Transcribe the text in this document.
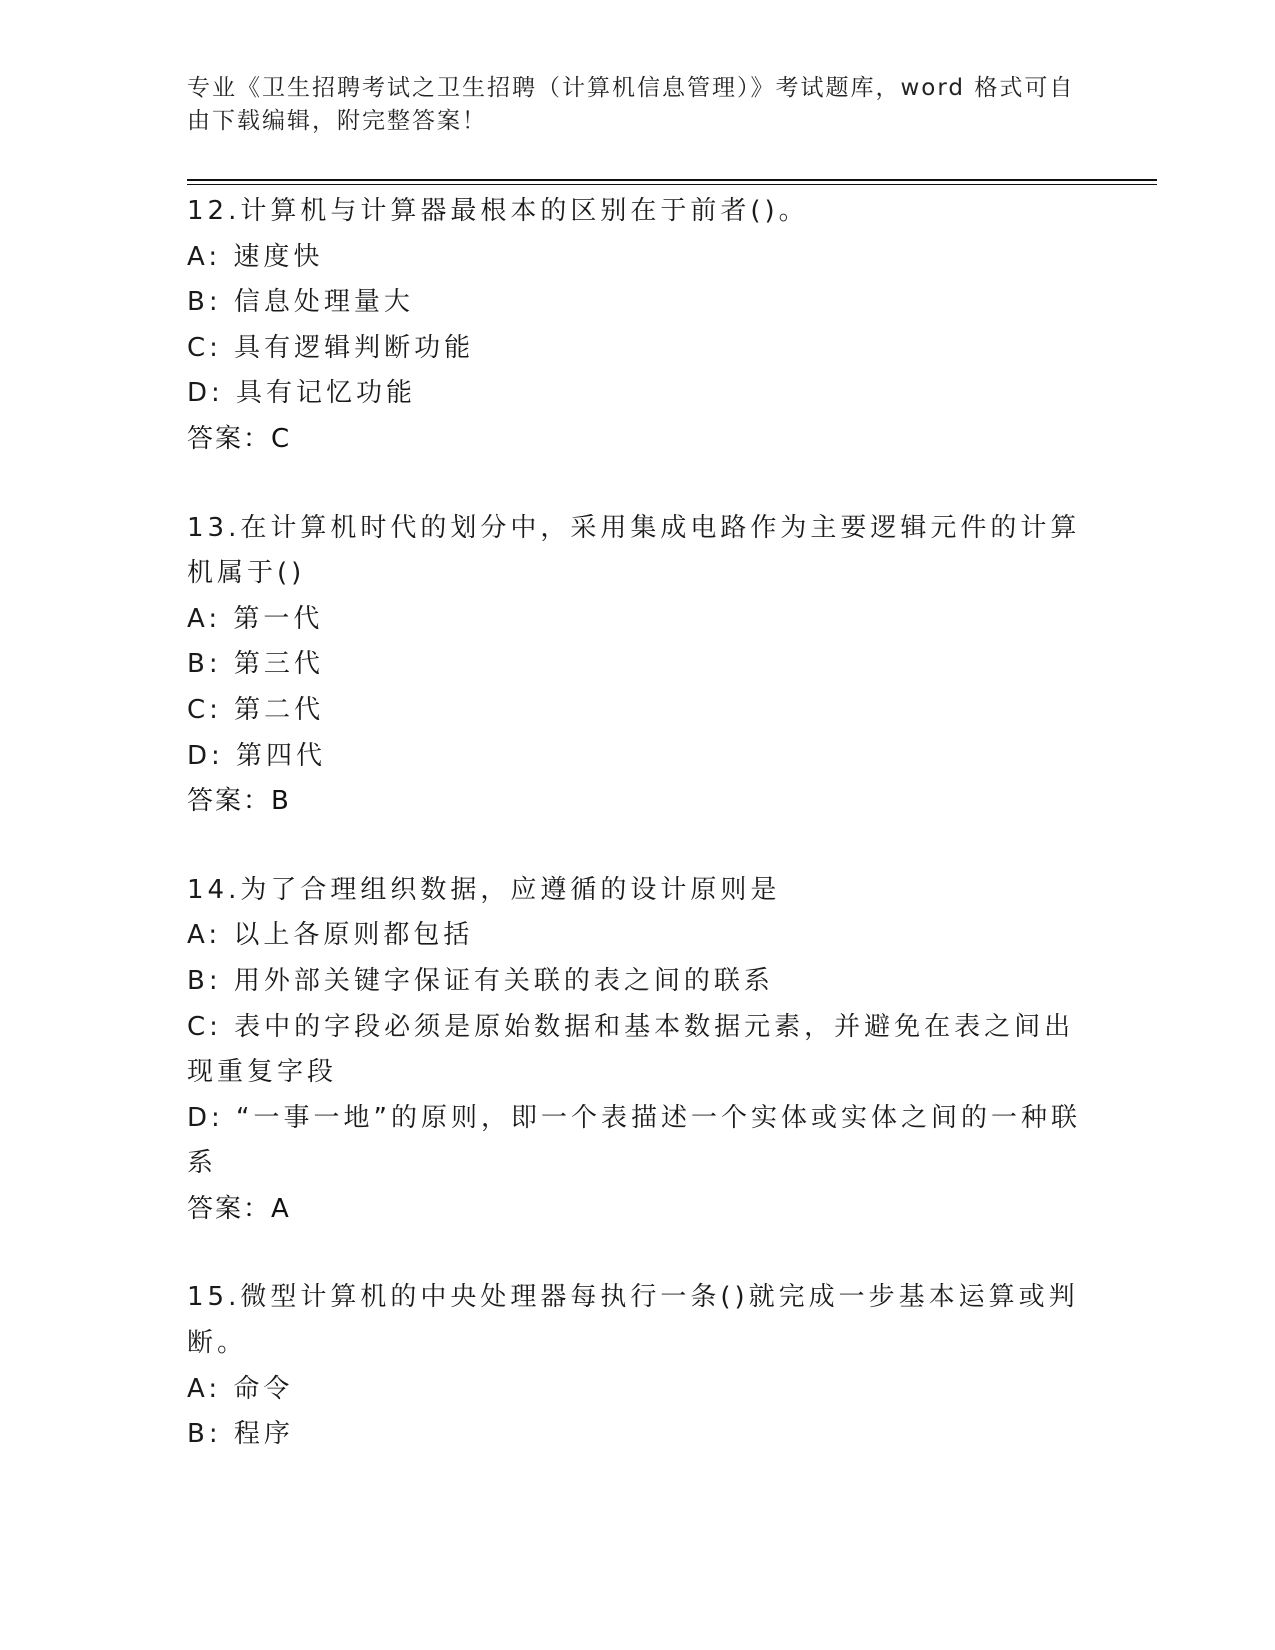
专业《卫生招聘考试之卫生招聘（计算机信息管理）》考试题库，word 格式可自由下载编辑，附完整答案！
12.计算机与计算器最根本的区别在于前者()。
A: 速度快
B: 信息处理量大
C: 具有逻辑判断功能
D: 具有记忆功能
答案：C
13.在计算机时代的划分中，采用集成电路作为主要逻辑元件的计算机属于()
A: 第一代
B: 第三代
C: 第二代
D: 第四代
答案：B
14.为了合理组织数据，应遵循的设计原则是
A: 以上各原则都包括
B: 用外部关键字保证有关联的表之间的联系
C: 表中的字段必须是原始数据和基本数据元素，并避免在表之间出现重复字段
D: “一事一地”的原则，即一个表描述一个实体或实体之间的一种联系
答案：A
15.微型计算机的中央处理器每执行一条()就完成一步基本运算或判断。
A: 命令
B: 程序
